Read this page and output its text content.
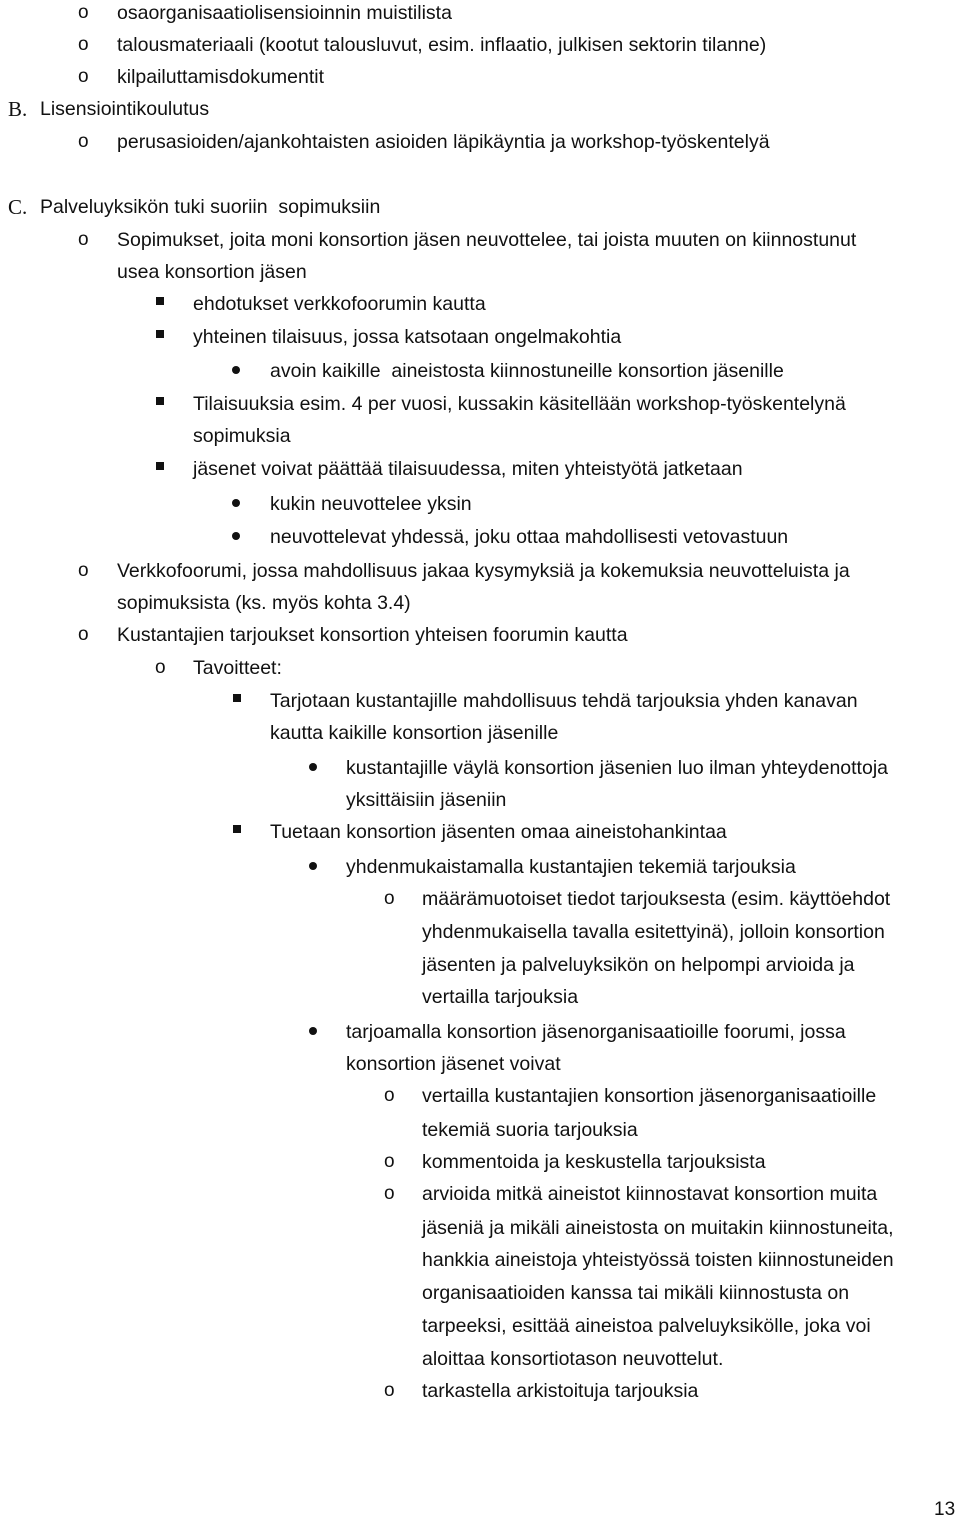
o osaorganisaatiolisensioinnin muistilista
o talousmateriaali (kootut talousluvut, esim. inflaatio, julkisen sektorin tilanne)
o kilpailuttamisdokumentit
B. Lisensiointikoulutus
o perusasioiden/ajankohtaisten asioiden läpikäyntia ja workshop-työskentelyä
C. Palveluyksikön tuki suoriin  sopimuksiin
o Sopimukset, joita moni konsortion jäsen neuvottelee, tai joista muuten on kiinnostunut
usea konsortion jäsen
ehdotukset verkkofoorumin kautta
yhteinen tilaisuus, jossa katsotaan ongelmakohtia
avoin kaikille  aineistosta kiinnostuneille konsortion jäsenille
Tilaisuuksia esim. 4 per vuosi, kussakin käsitellään workshop-työskentelynä
sopimuksia
jäsenet voivat päättää tilaisuudessa, miten yhteistyötä jatketaan
kukin neuvottelee yksin
neuvottelevat yhdessä, joku ottaa mahdollisesti vetovastuun
o Verkkofoorumi, jossa mahdollisuus jakaa kysymyksiä ja kokemuksia neuvotteluista ja
sopimuksista (ks. myös kohta 3.4)
o Kustantajien tarjoukset konsortion yhteisen foorumin kautta
o Tavoitteet:
Tarjotaan kustantajille mahdollisuus tehdä tarjouksia yhden kanavan
kautta kaikille konsortion jäsenille
kustantajille väylä konsortion jäsenien luo ilman yhteydenottoja
yksittäisiin jäseniin
Tuetaan konsortion jäsenten omaa aineistohankintaa
yhdenmukaistamalla kustantajien tekemiä tarjouksia
o määrämuotoiset tiedot tarjouksesta (esim. käyttöehdot
yhdenmukaisella tavalla esitettyinä), jolloin konsortion
jäsenten ja palveluyksikön on helpompi arvioida ja
vertailla tarjouksia
tarjoamalla konsortion jäsenorganisaatioille foorumi, jossa
konsortion jäsenet voivat
o vertailla kustantajien konsortion jäsenorganisaatioille
tekemiä suoria tarjouksia
o kommentoida ja keskustella tarjouksista
o arvioida mitkä aineistot kiinnostavat konsortion muita
jäseniä ja mikäli aineistosta on muitakin kiinnostuneita,
hankkia aineistoja yhteistyössä toisten kiinnostuneiden
organisaatioiden kanssa tai mikäli kiinnostusta on
tarpeeksi, esittää aineistoa palveluyksikölle, joka voi
aloittaa konsortiotason neuvottelut.
o tarkastella arkistoituja tarjouksia
13
